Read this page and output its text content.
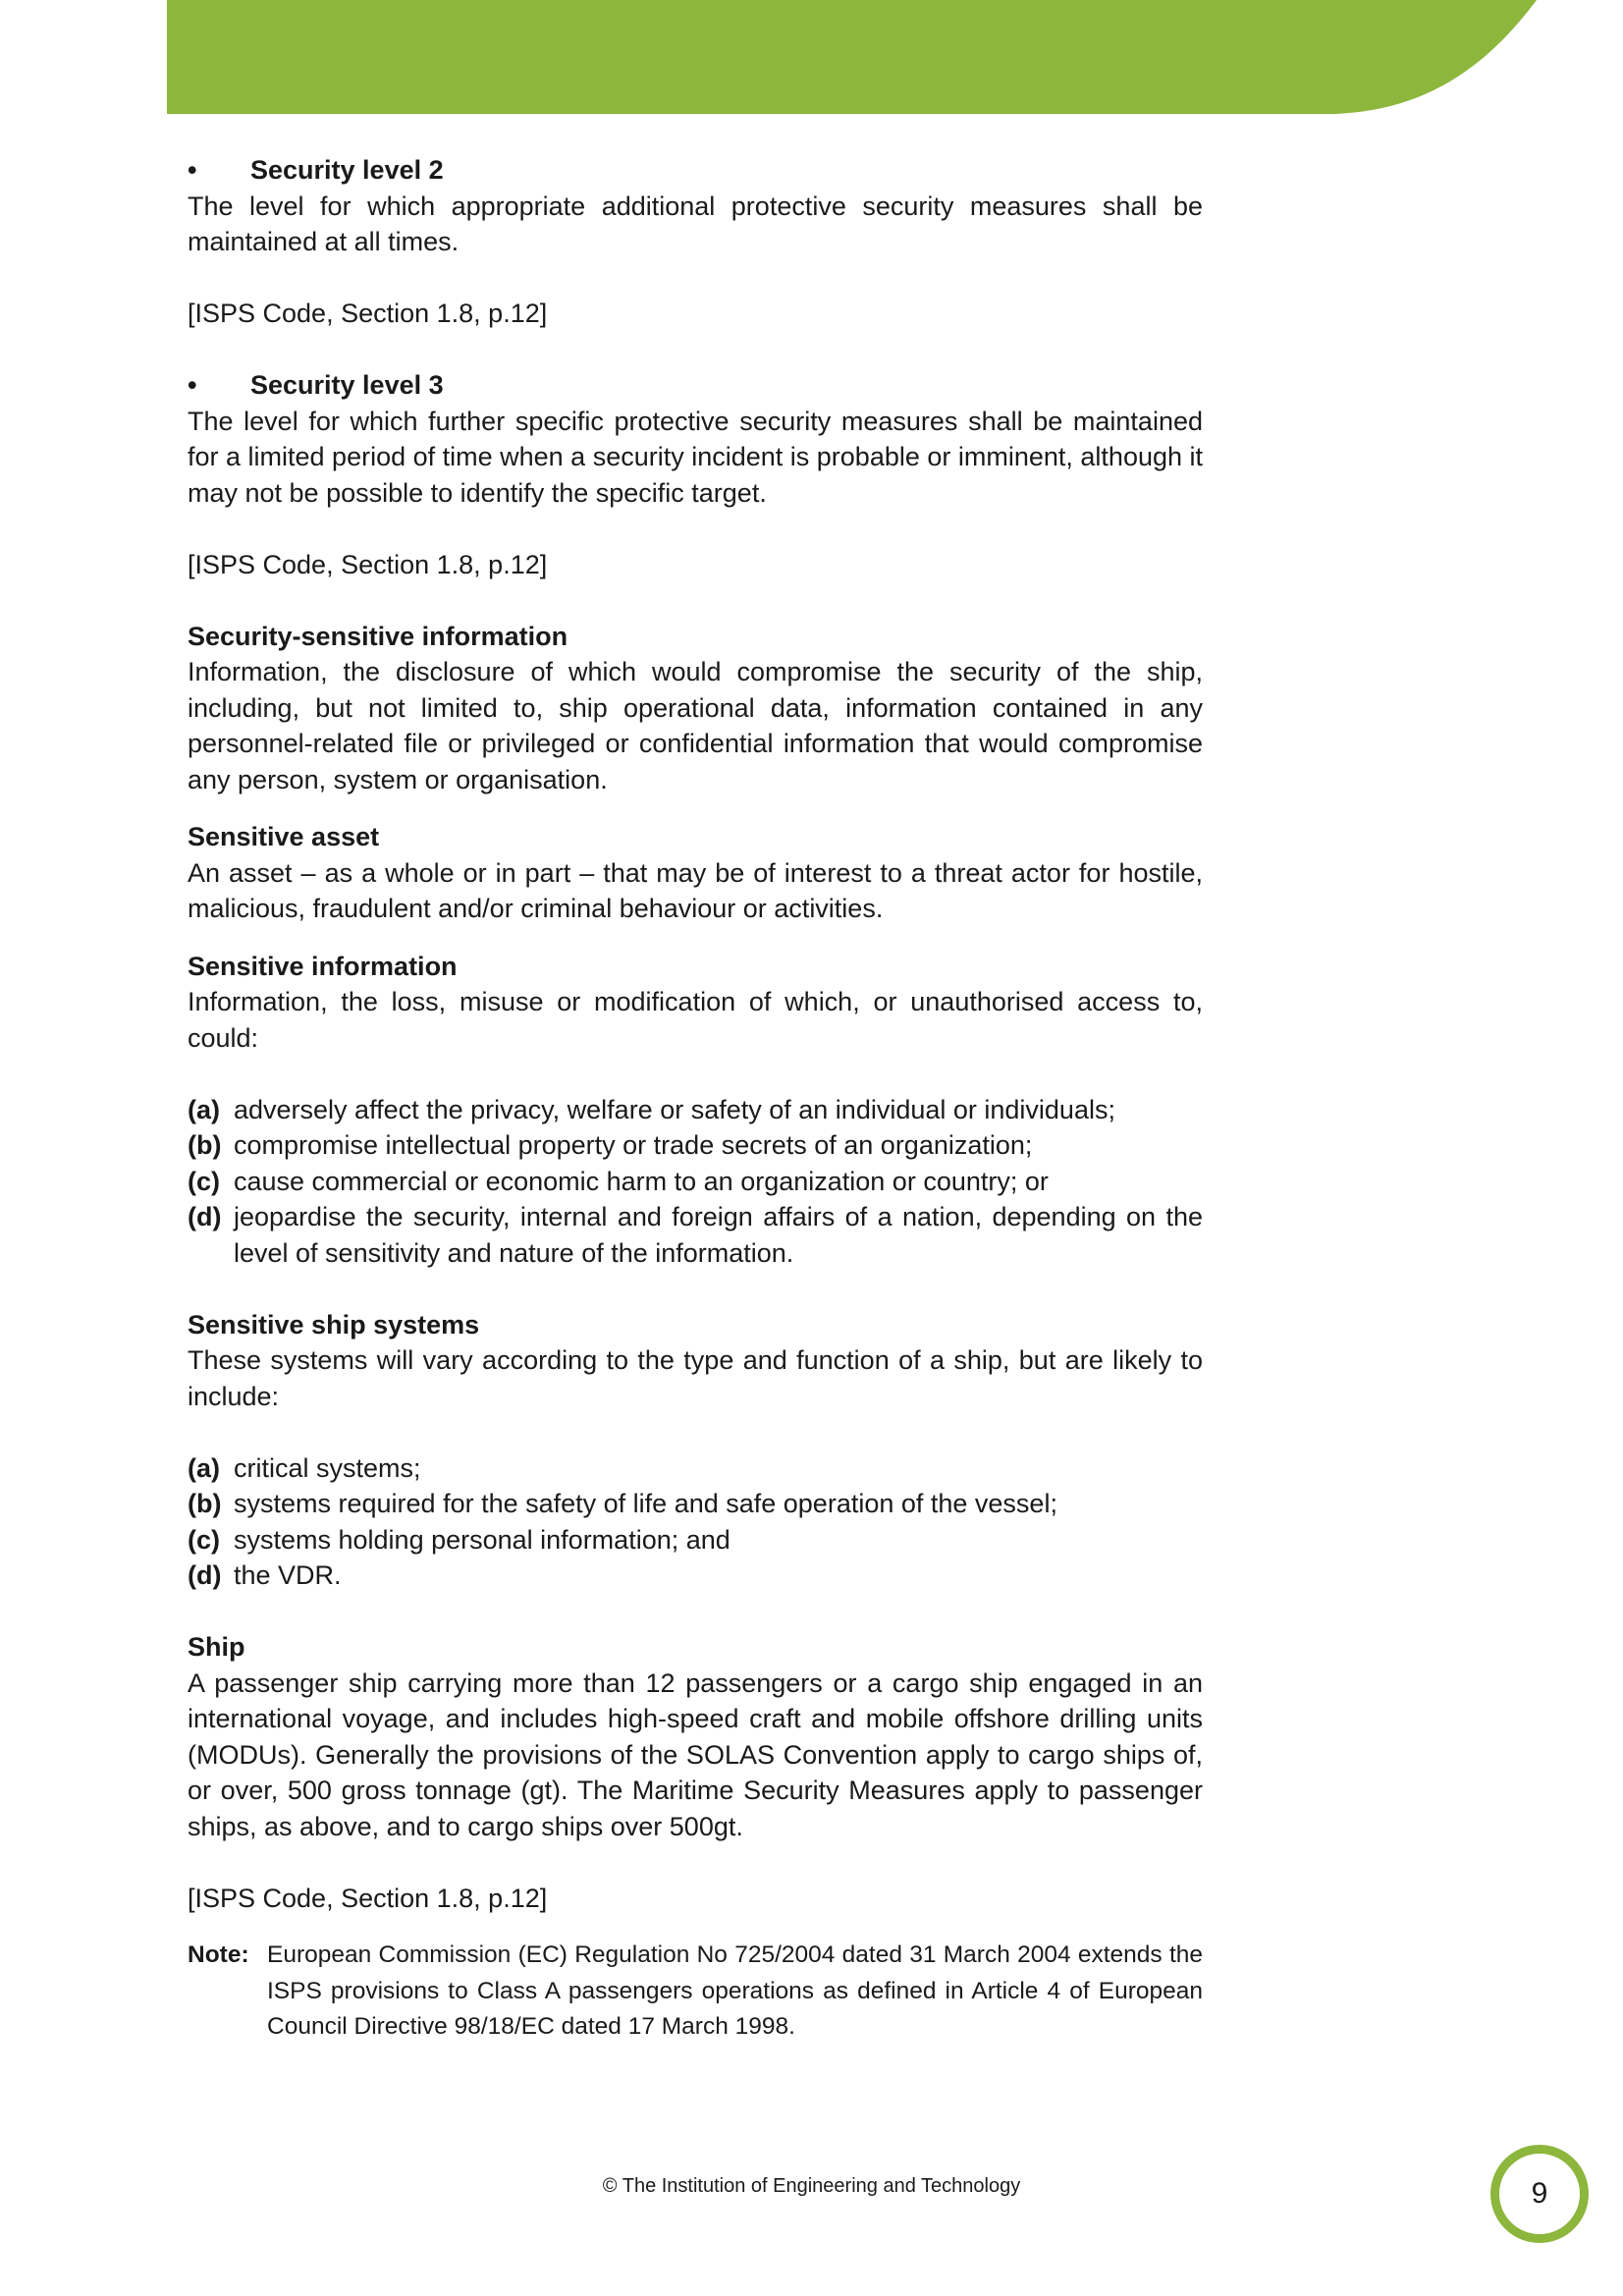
•	Security level 2

The level for which appropriate additional protective security measures shall be maintained at all times.

[ISPS Code, Section 1.8, p.12]

•	Security level 3

The level for which further specific protective security measures shall be maintained for a limited period of time when a security incident is probable or imminent, although it may not be possible to identify the specific target.

[ISPS Code, Section 1.8, p.12]

Security-sensitive information

Information, the disclosure of which would compromise the security of the ship, including, but not limited to, ship operational data, information contained in any personnel-related file or privileged or confidential information that would compromise any person, system or organisation.

Sensitive asset

An asset – as a whole or in part – that may be of interest to a threat actor for hostile, malicious, fraudulent and/or criminal behaviour or activities.

Sensitive information

Information, the loss, misuse or modification of which, or unauthorised access to, could:

(a) adversely affect the privacy, welfare or safety of an individual or individuals;
(b) compromise intellectual property or trade secrets of an organization;
(c) cause commercial or economic harm to an organization or country; or
(d) jeopardise the security, internal and foreign affairs of a nation, depending on the level of sensitivity and nature of the information.

Sensitive ship systems

These systems will vary according to the type and function of a ship, but are likely to include:

(a) critical systems;
(b) systems required for the safety of life and safe operation of the vessel;
(c) systems holding personal information; and
(d) the VDR.

Ship

A passenger ship carrying more than 12 passengers or a cargo ship engaged in an international voyage, and includes high-speed craft and mobile offshore drilling units (MODUs). Generally the provisions of the SOLAS Convention apply to cargo ships of, or over, 500 gross tonnage (gt). The Maritime Security Measures apply to passenger ships, as above, and to cargo ships over 500gt.

[ISPS Code, Section 1.8, p.12]

Note: European Commission (EC) Regulation No 725/2004 dated 31 March 2004 extends the ISPS provisions to Class A passengers operations as defined in Article 4 of European Council Directive 98/18/EC dated 17 March 1998.
© The Institution of Engineering and Technology	9
